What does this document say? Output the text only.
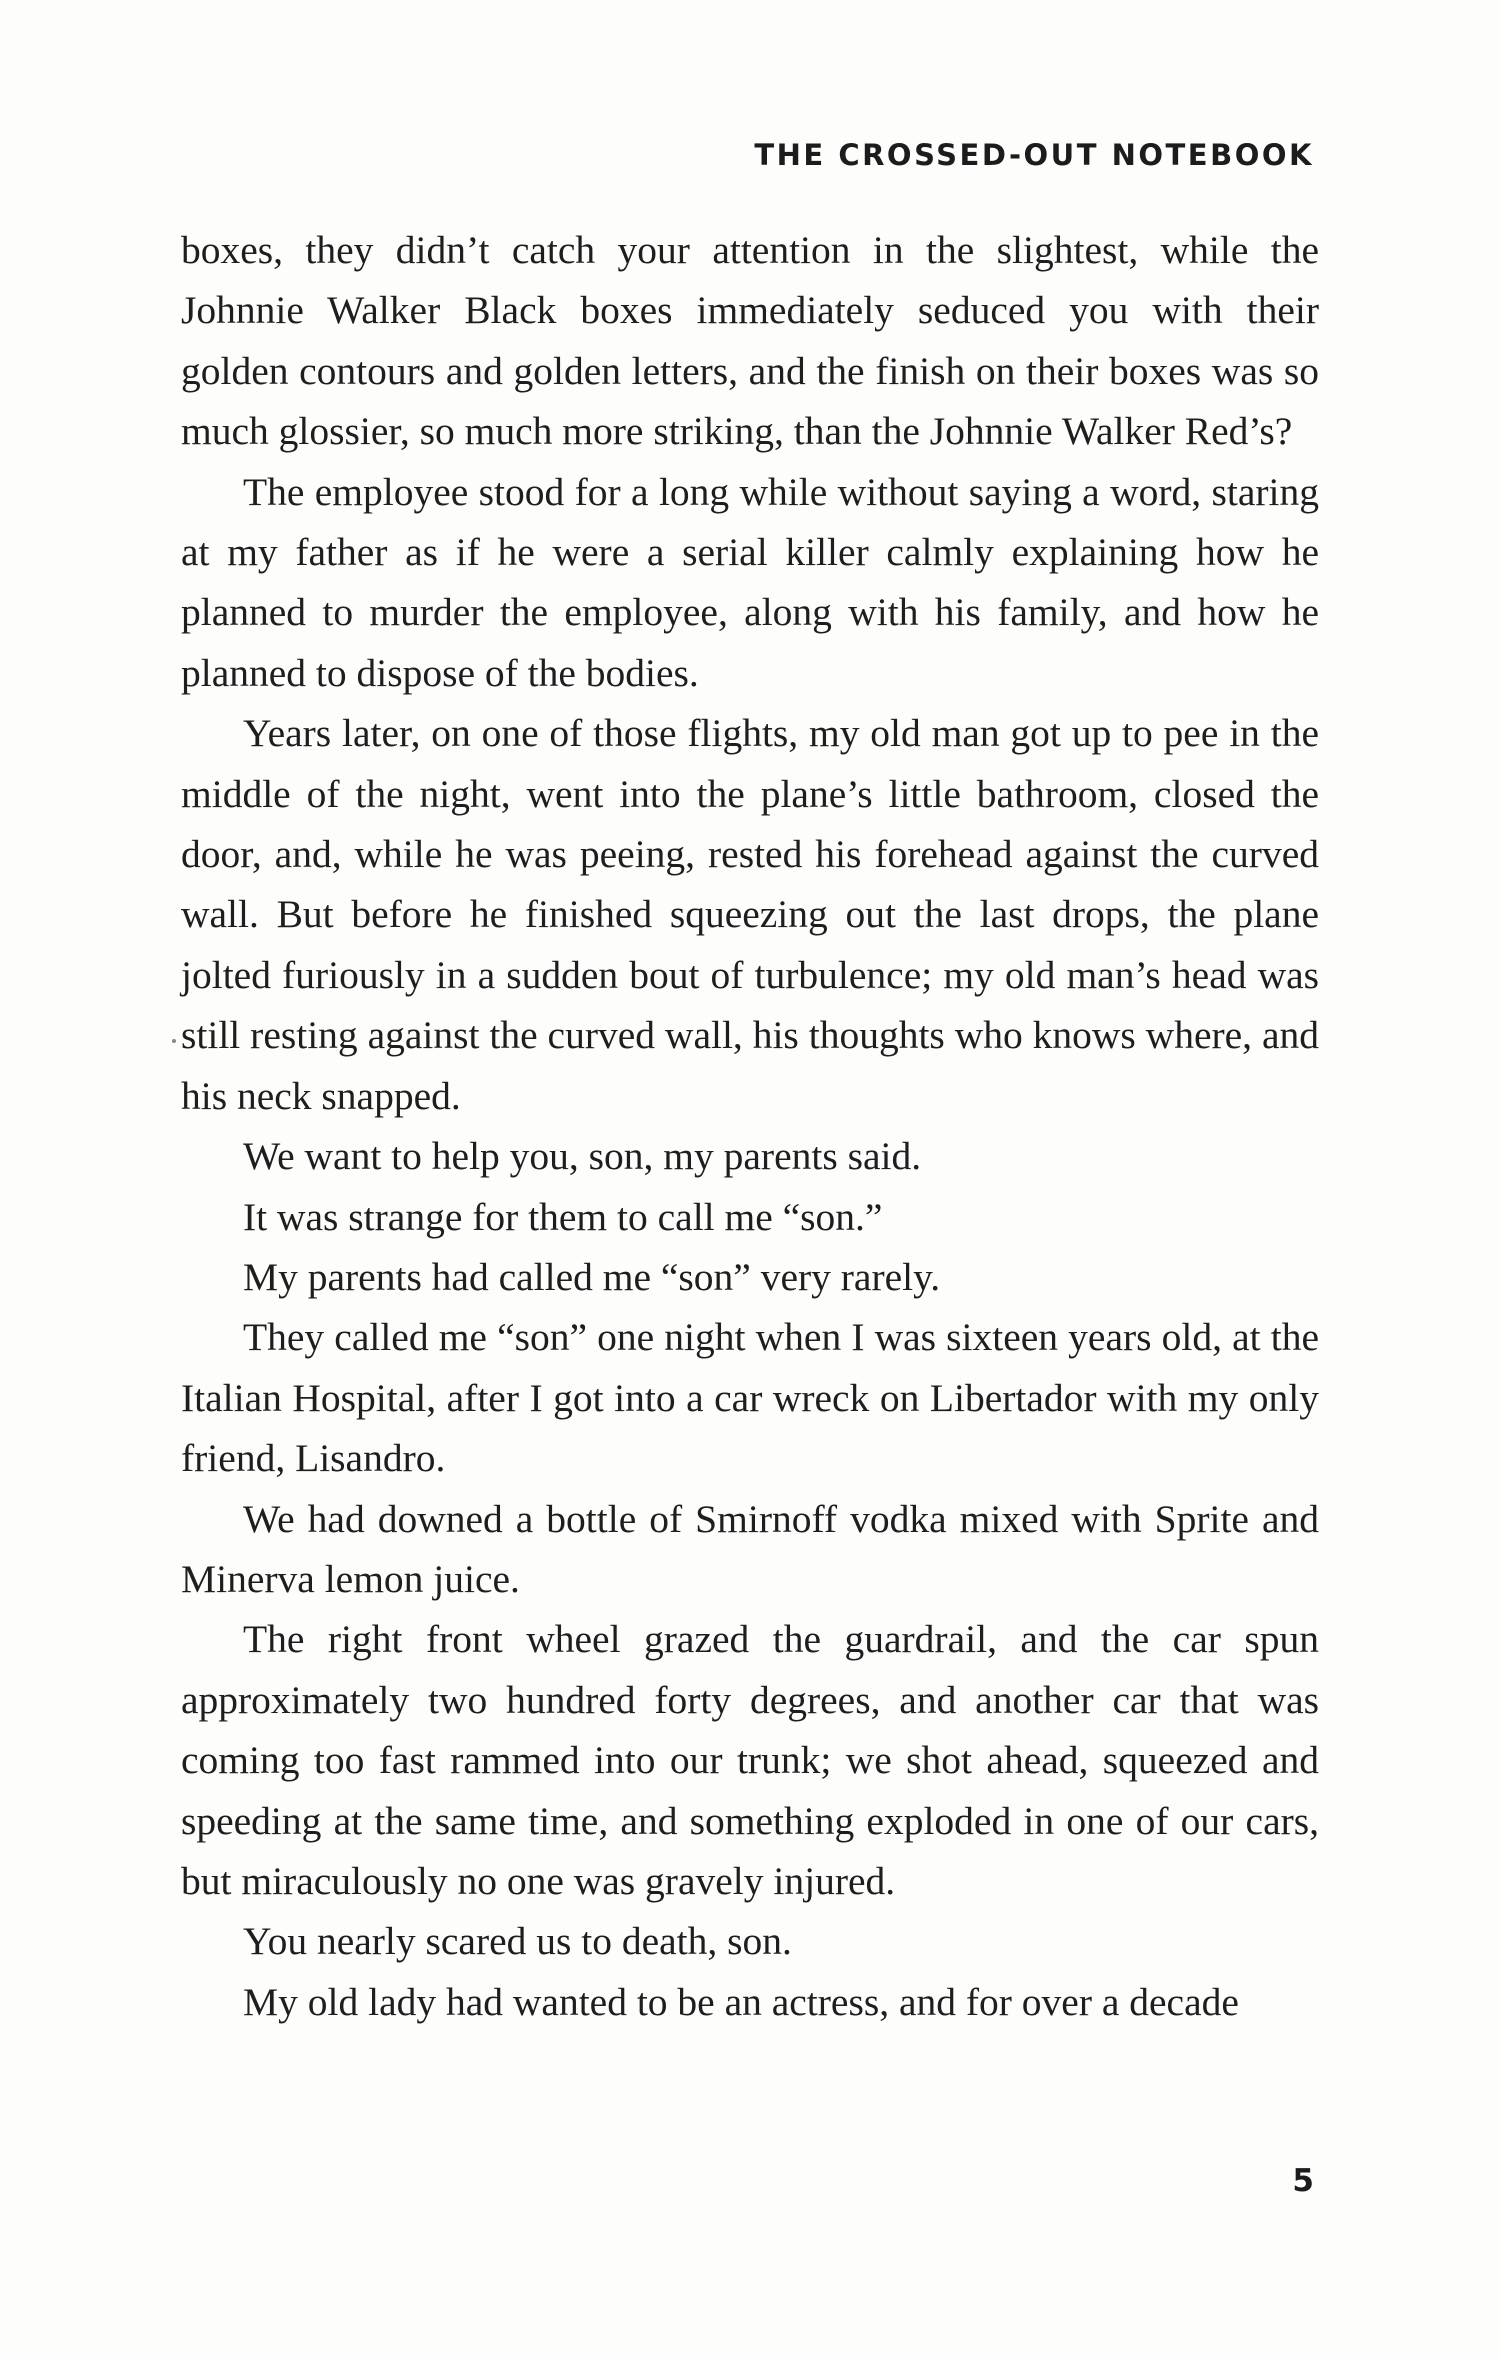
THE CROSSED-OUT NOTEBOOK

boxes, they didn’t catch your attention in the slightest, while the Johnnie Walker Black boxes immediately seduced you with their golden contours and golden letters, and the finish on their boxes was so much glossier, so much more striking, than the Johnnie Walker Red’s?

The employee stood for a long while without saying a word, staring at my father as if he were a serial killer calmly explaining how he planned to murder the employee, along with his family, and how he planned to dispose of the bodies.

Years later, on one of those flights, my old man got up to pee in the middle of the night, went into the plane’s little bathroom, closed the door, and, while he was peeing, rested his forehead against the curved wall. But before he finished squeezing out the last drops, the plane jolted furiously in a sudden bout of turbulence; my old man’s head was still resting against the curved wall, his thoughts who knows where, and his neck snapped.

We want to help you, son, my parents said.

It was strange for them to call me “son.”

My parents had called me “son” very rarely.

They called me “son” one night when I was sixteen years old, at the Italian Hospital, after I got into a car wreck on Libertador with my only friend, Lisandro.

We had downed a bottle of Smirnoff vodka mixed with Sprite and Minerva lemon juice.

The right front wheel grazed the guardrail, and the car spun approximately two hundred forty degrees, and another car that was coming too fast rammed into our trunk; we shot ahead, squeezed and speeding at the same time, and something exploded in one of our cars, but miraculously no one was gravely injured.

You nearly scared us to death, son.

My old lady had wanted to be an actress, and for over a decade

5
